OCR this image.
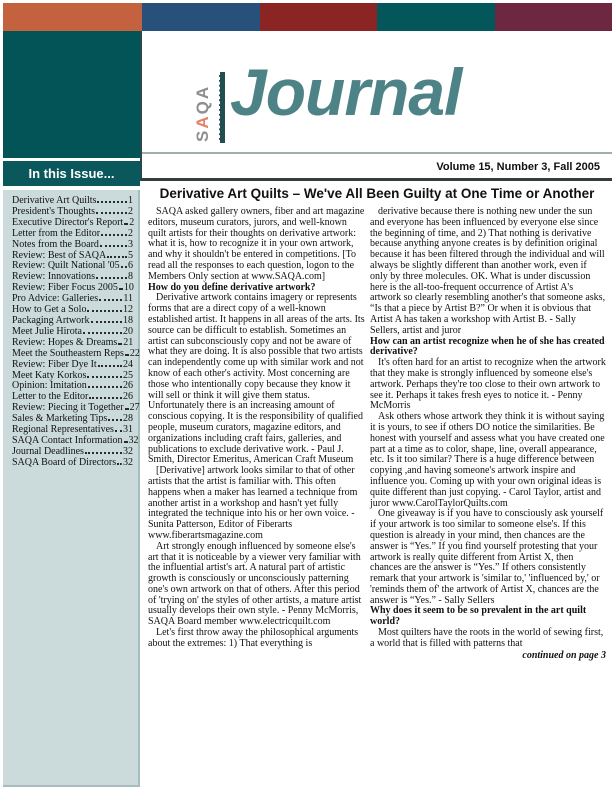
SAQA Journal
In this Issue...
Derivative Art Quilts	1
President's Thoughts	2
Executive Director's Report 2
Letter from the Editor	2
Notes from the Board	3
Review: Best of SAQA 5
Review: Quilt National '05 6
Review: Innovations	8
Review: Fiber Focus 2005 10
Pro Advice: Galleries	11
How to Get a Solo	12
Packaging Artwork	18
Meet Julie Hirota	20
Review: Hopes & Dreams 21
Meet the Southeastern Reps 22
Review: Fiber Dye It	24
Meet Katy Korkos	25
Opinion: Imitation	26
Letter to the Editor	26
Review: Piecing it Together 27
Sales & Marketing Tips 28
Regional Representatives 31
SAQA Contact Information 32
Journal Deadlines	32
SAQA Board of Directors 32
Volume 15, Number 3, Fall 2005
Derivative Art Quilts – We've All Been Guilty at One Time or Another

SAQA asked gallery owners, fiber and art magazine editors, museum curators, jurors, and well-known quilt artists for their thoughts on derivative artwork: what it is, how to recognize it in your own artwork, and why it shouldn't be entered in competitions. [To read all the responses to each question, logon to the Members Only section at www.SAQA.com]

How do you define derivative artwork?

Derivative artwork contains imagery or represents forms that are a direct copy of a well-known established artist. It happens in all areas of the arts. Its source can be difficult to establish. Sometimes an artist can subconsciously copy and not be aware of what they are doing. It is also possible that two artists can independently come up with similar work and not know of each other's activity. Most concerning are those who intentionally copy because they know it will sell or think it will give them status. Unfortunately there is an increasing amount of conscious copying. It is the responsibility of qualified people, museum curators, magazine editors, and organizations including craft fairs, galleries, and publications to exclude derivative work. - Paul J. Smith, Director Emeritus, American Craft Museum

[Derivative] artwork looks similar to that of other artists that the artist is familiar with. This often happens when a maker has learned a technique from another artist in a workshop and hasn't yet fully integrated the technique into his or her own voice. - Sunita Patterson, Editor of Fiberarts www.fiberartsmagazine.com

Art strongly enough influenced by someone else's art that it is noticeable by a viewer very familiar with the influential artist's art. A natural part of artistic growth is consciously or unconsciously patterning one's own artwork on that of others. After this period of 'trying on' the styles of other artists, a mature artist usually develops their own style. - Penny McMorris, SAQA Board member www.electricquilt.com

Let's first throw away the philosophical arguments about the extremes: 1) That everything is

derivative because there is nothing new under the sun and everyone has been influenced by everyone else since the beginning of time, and 2) That nothing is derivative because anything anyone creates is by definition original because it has been filtered through the individual and will always be slightly different than another work, even if only by three molecules. OK. What is under discussion here is the all-too-frequent occurrence of Artist A's artwork so clearly resembling another's that someone asks, “Is that a piece by Artist B?” Or when it is obvious that Artist A has taken a workshop with Artist B. - Sally Sellers, artist and juror

How can an artist recognize when he of she has created derivative?

It's often hard for an artist to recognize when the artwork that they make is strongly influenced by someone else's artwork. Perhaps they're too close to their own artwork to see it. Perhaps it takes fresh eyes to notice it. - Penny McMorris

Ask others whose artwork they think it is without saying it is yours, to see if others DO notice the similarities. Be honest with yourself and assess what you have created one part at a time as to color, shape, line, overall appearance, etc. Is it too similar? There is a huge difference between copying ,and having someone's artwork inspire and influence you. Coming up with your own original ideas is quite different than just copying. - Carol Taylor, artist and juror www.CarolTaylorQuilts.com

One giveaway is if you have to consciously ask yourself if your artwork is too similar to someone else's. If this question is already in your mind, then chances are the answer is “Yes.” If you find yourself protesting that your artwork is really quite different from Artist X, then chances are the answer is “Yes.” If others consistently remark that your artwork is 'similar to,' 'influenced by,' or 'reminds them of' the artwork of Artist X, chances are the answer is “Yes.” - Sally Sellers

Why does it seem to be so prevalent in the art quilt world?

Most quilters have the roots in the world of sewing first, a world that is filled with patterns that

continued on page 3
